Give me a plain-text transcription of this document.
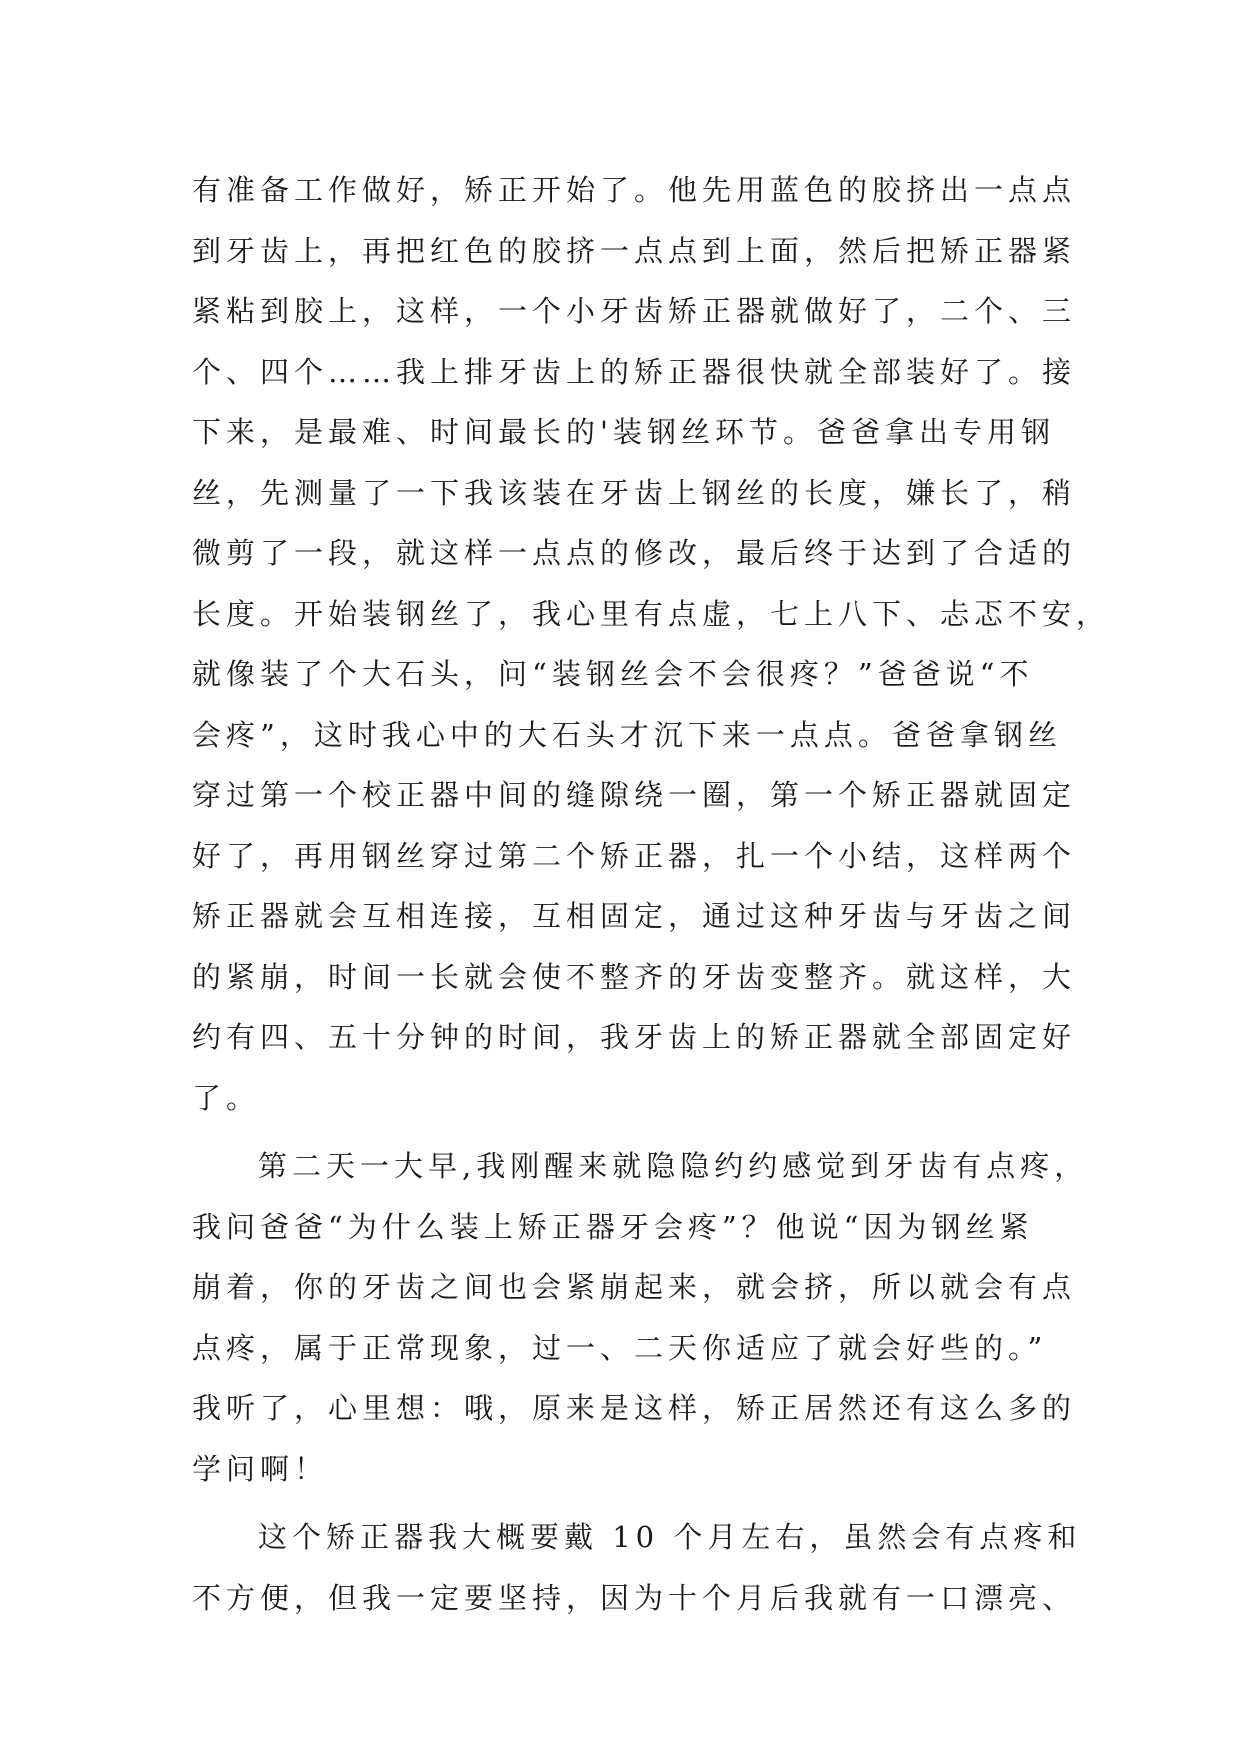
有准备工作做好，矫正开始了。他先用蓝色的胶挤出一点点
到牙齿上，再把红色的胶挤一点点到上面，然后把矫正器紧
紧粘到胶上，这样，一个小牙齿矫正器就做好了，二个、三
个、四个……我上排牙齿上的矫正器很快就全部装好了。接
下来，是最难、时间最长的'装钢丝环节。爸爸拿出专用钢
丝，先测量了一下我该装在牙齿上钢丝的长度，嫌长了，稍
微剪了一段，就这样一点点的修改，最后终于达到了合适的
长度。开始装钢丝了，我心里有点虚，七上八下、忐忑不安，
就像装了个大石头，问“装钢丝会不会很疼？”爸爸说“不
会疼”，这时我心中的大石头才沉下来一点点。爸爸拿钢丝
穿过第一个校正器中间的缝隙绕一圈，第一个矫正器就固定
好了，再用钢丝穿过第二个矫正器，扎一个小结，这样两个
矫正器就会互相连接，互相固定，通过这种牙齿与牙齿之间
的紧崩，时间一长就会使不整齐的牙齿变整齐。就这样，大
约有四、五十分钟的时间，我牙齿上的矫正器就全部固定好
了。
第二天一大早,我刚醒来就隐隐约约感觉到牙齿有点疼，
我问爸爸“为什么装上矫正器牙会疼”？他说“因为钢丝紧
崩着，你的牙齿之间也会紧崩起来，就会挤，所以就会有点
点疼，属于正常现象，过一、二天你适应了就会好些的。”
我听了，心里想：哦，原来是这样，矫正居然还有这么多的
学问啊！
这个矫正器我大概要戴 10 个月左右，虽然会有点疼和
不方便，但我一定要坚持，因为十个月后我就有一口漂亮、
